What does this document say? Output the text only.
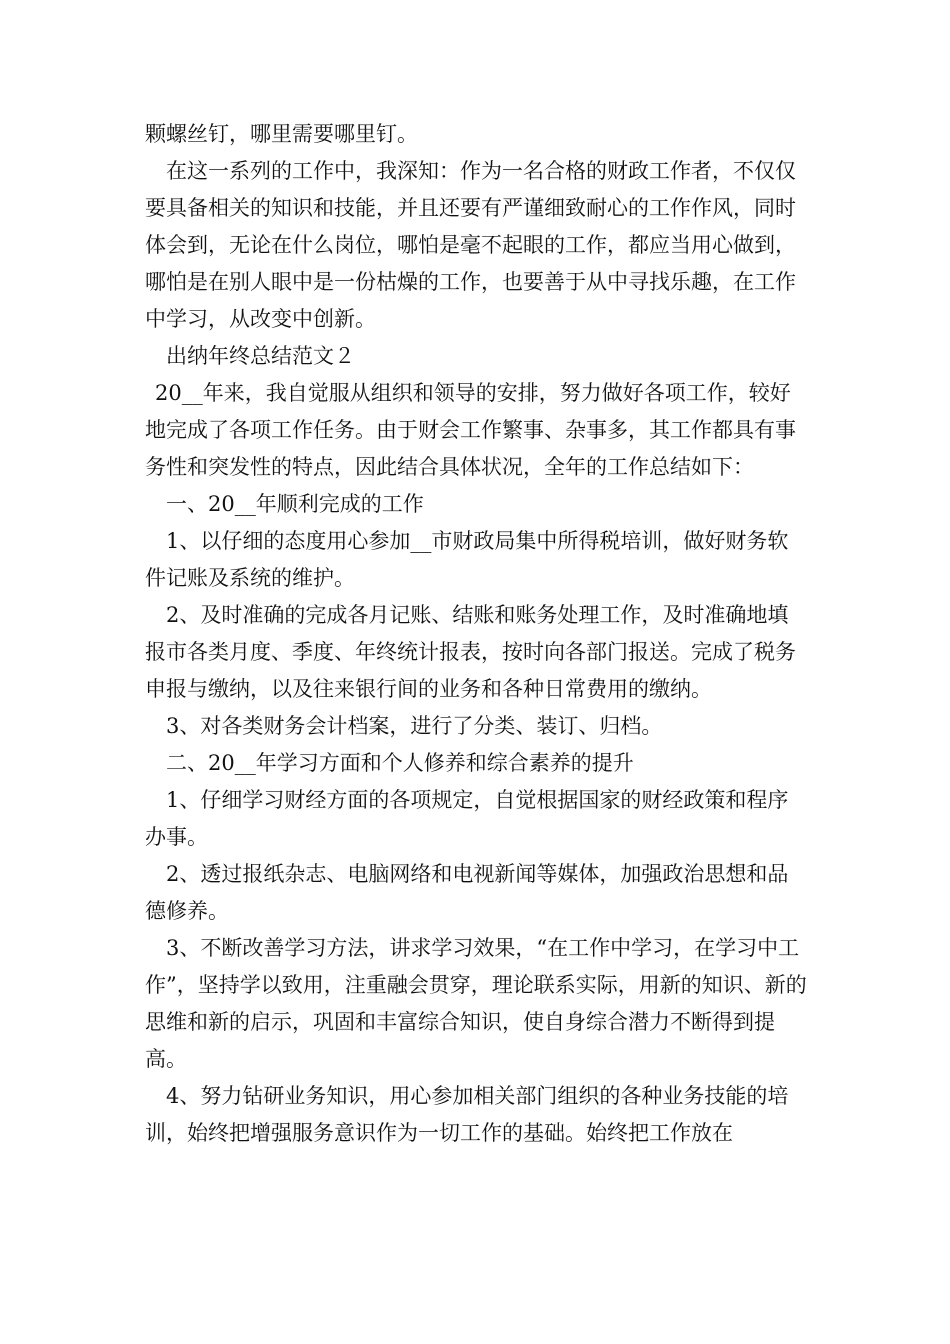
颗螺丝钉，哪里需要哪里钉。

在这一系列的工作中，我深知：作为一名合格的财政工作者，不仅仅要具备相关的知识和技能，并且还要有严谨细致耐心的工作作风，同时体会到，无论在什么岗位，哪怕是毫不起眼的工作，都应当用心做到，哪怕是在别人眼中是一份枯燥的工作，也要善于从中寻找乐趣，在工作中学习，从改变中创新。

出纳年终总结范文２

20__年来，我自觉服从组织和领导的安排，努力做好各项工作，较好地完成了各项工作任务。由于财会工作繁事、杂事多，其工作都具有事务性和突发性的特点，因此结合具体状况，全年的工作总结如下：

一、20__年顺利完成的工作

1、以仔细的态度用心参加__市财政局集中所得税培训，做好财务软件记账及系统的维护。

2、及时准确的完成各月记账、结账和账务处理工作，及时准确地填报市各类月度、季度、年终统计报表，按时向各部门报送。完成了税务申报与缴纳，以及往来银行间的业务和各种日常费用的缴纳。

3、对各类财务会计档案，进行了分类、装订、归档。

二、20__年学习方面和个人修养和综合素养的提升

1、仔细学习财经方面的各项规定，自觉根据国家的财经政策和程序办事。

2、透过报纸杂志、电脑网络和电视新闻等媒体，加强政治思想和品德修养。

3、不断改善学习方法，讲求学习效果，“在工作中学习，在学习中工作”，坚持学以致用，注重融会贯穿，理论联系实际，用新的知识、新的思维和新的启示，巩固和丰富综合知识，使自身综合潜力不断得到提高。

4、努力钻研业务知识，用心参加相关部门组织的各种业务技能的培训，始终把增强服务意识作为一切工作的基础。始终把工作放在
